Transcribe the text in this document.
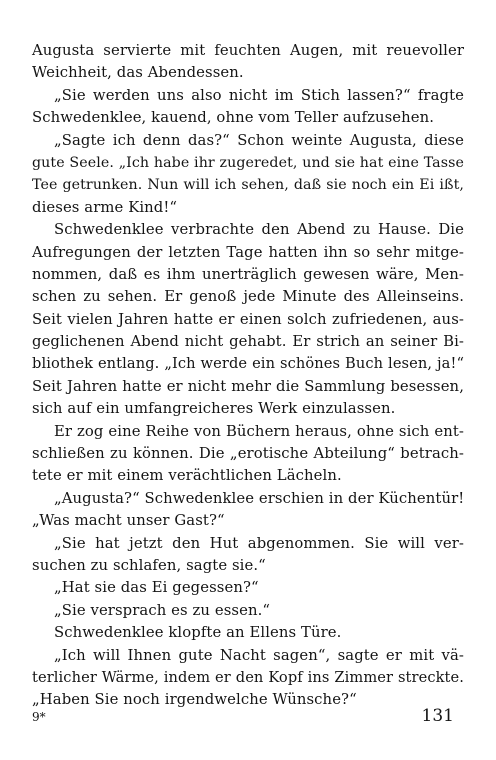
Augusta servierte mit feuchten Augen, mit reuevoller
Weichheit, das Abendessen.
„Sie werden uns also nicht im Stich lassen?“ fragte
Schwedenklee, kauend, ohne vom Teller aufzusehen.
„Sagte ich denn das?“ Schon weinte Augusta, diese
gute Seele. „Ich habe ihr zugeredet, und sie hat eine Tasse
Tee getrunken. Nun will ich sehen, daß sie noch ein Ei ißt,
dieses arme Kind!“
Schwedenklee verbrachte den Abend zu Hause. Die
Aufregungen der letzten Tage hatten ihn so sehr mitge-
nommen, daß es ihm unerträglich gewesen wäre, Men-
schen zu sehen. Er genoß jede Minute des Alleinseins.
Seit vielen Jahren hatte er einen solch zufriedenen, aus-
geglichenen Abend nicht gehabt. Er strich an seiner Bi-
bliothek entlang. „Ich werde ein schönes Buch lesen, ja!“
Seit Jahren hatte er nicht mehr die Sammlung besessen,
sich auf ein umfangreicheres Werk einzulassen.
Er zog eine Reihe von Büchern heraus, ohne sich ent-
schließen zu können. Die „erotische Abteilung“ betrach-
tete er mit einem verächtlichen Lächeln.
„Augusta?“ Schwedenklee erschien in der Küchentür!
„Was macht unser Gast?“
„Sie hat jetzt den Hut abgenommen. Sie will ver-
suchen zu schlafen, sagte sie.“
„Hat sie das Ei gegessen?“
„Sie versprach es zu essen.“
Schwedenklee klopfte an Ellens Türe.
„Ich will Ihnen gute Nacht sagen“, sagte er mit vä-
terlicher Wärme, indem er den Kopf ins Zimmer streckte.
„Haben Sie noch irgendwelche Wünsche?“
9*	131
